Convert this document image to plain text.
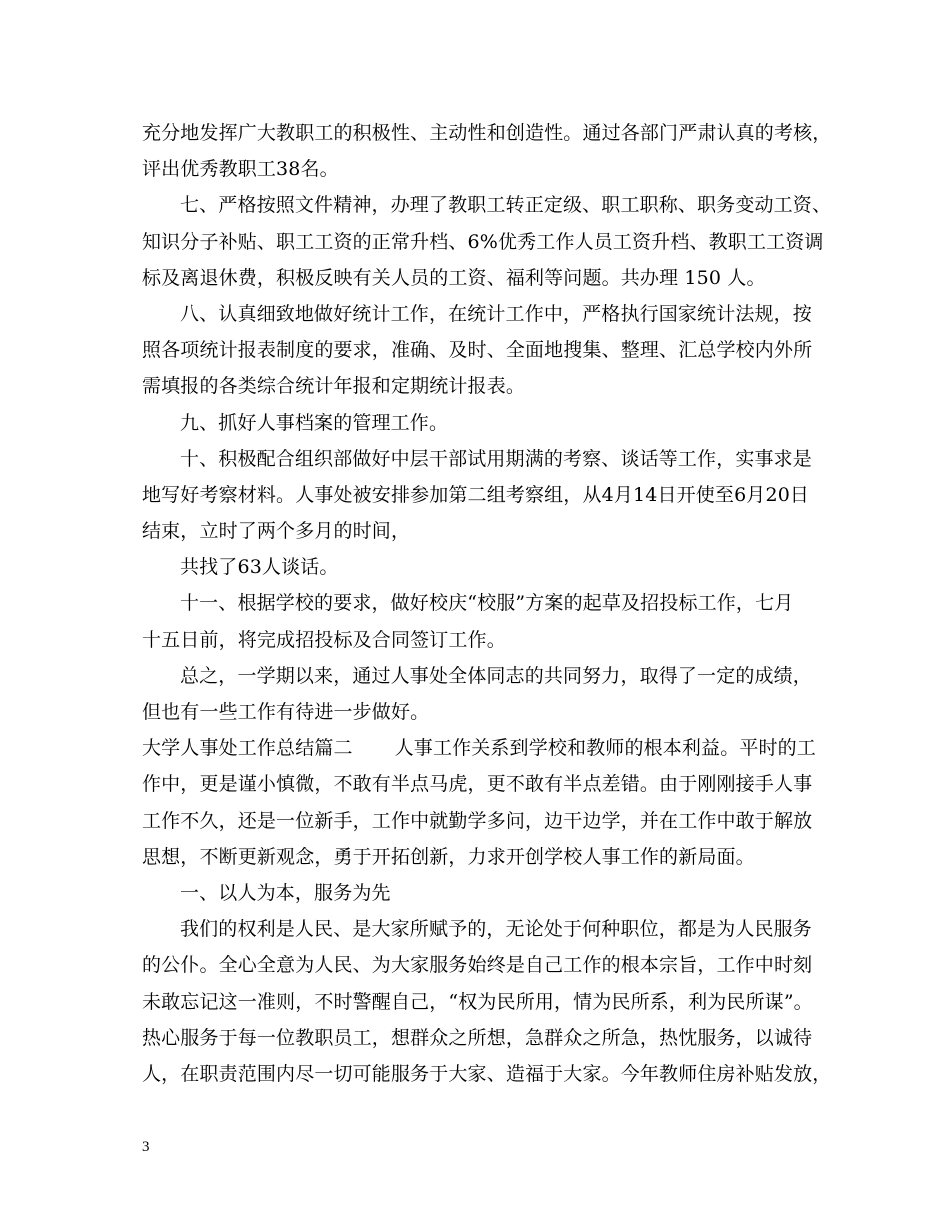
充分地发挥广大教职工的积极性、主动性和创造性。通过各部门严肃认真的考核，
评出优秀教职工38名。
七、严格按照文件精神，办理了教职工转正定级、职工职称、职务变动工资、
知识分子补贴、职工工资的正常升档、6%优秀工作人员工资升档、教职工工资调
标及离退休费，积极反映有关人员的工资、福利等问题。共办理 150 人。
八、认真细致地做好统计工作，在统计工作中，严格执行国家统计法规，按
照各项统计报表制度的要求，准确、及时、全面地搜集、整理、汇总学校内外所
需填报的各类综合统计年报和定期统计报表。
九、抓好人事档案的管理工作。
十、积极配合组织部做好中层干部试用期满的考察、谈话等工作，实事求是
地写好考察材料。人事处被安排参加第二组考察组，从4月14日开使至6月20日
结束，立时了两个多月的时间，
共找了63人谈话。
十一、根据学校的要求，做好校庆“校服”方案的起草及招投标工作，七月
十五日前，将完成招投标及合同签订工作。
总之，一学期以来，通过人事处全体同志的共同努力，取得了一定的成绩，
但也有一些工作有待进一步做好。
大学人事处工作总结篇二 人事工作关系到学校和教师的根本利益。平时的工
作中，更是谨小慎微，不敢有半点马虎，更不敢有半点差错。由于刚刚接手人事
工作不久，还是一位新手，工作中就勤学多问，边干边学，并在工作中敢于解放
思想，不断更新观念，勇于开拓创新，力求开创学校人事工作的新局面。
一、以人为本，服务为先
我们的权利是人民、是大家所赋予的，无论处于何种职位，都是为人民服务
的公仆。全心全意为人民、为大家服务始终是自己工作的根本宗旨，工作中时刻
未敢忘记这一准则，不时警醒自己，“权为民所用，情为民所系，利为民所谋”。
热心服务于每一位教职员工，想群众之所想，急群众之所急，热忱服务，以诚待
人，在职责范围内尽一切可能服务于大家、造福于大家。今年教师住房补贴发放，
3
